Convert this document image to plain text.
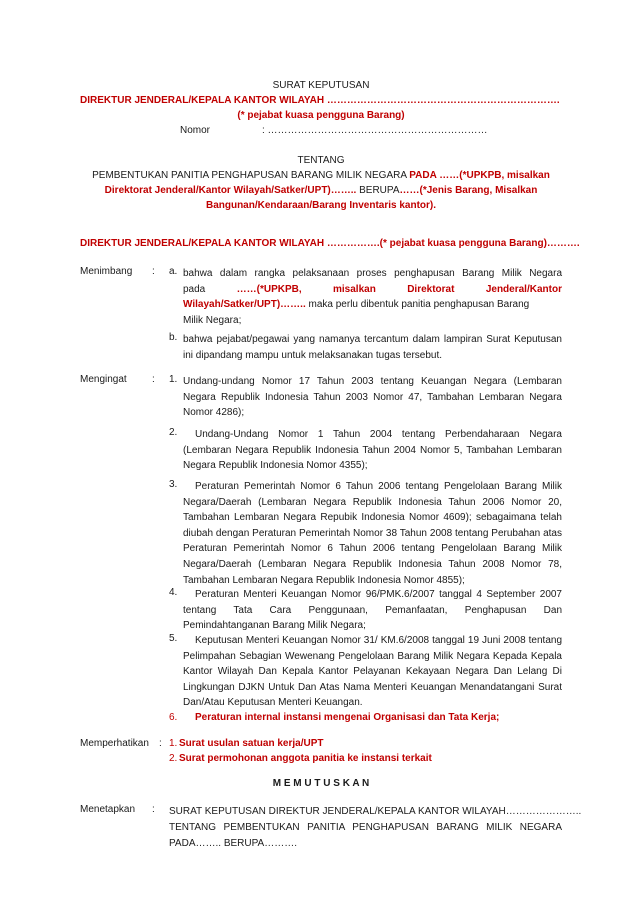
SURAT KEPUTUSAN
DIREKTUR JENDERAL/KEPALA KANTOR WILAYAH …………………………………………………………….
(* pejabat kuasa pengguna Barang)
Nomor	: …………………………………………………………
TENTANG
PEMBENTUKAN PANITIA PENGHAPUSAN BARANG MILIK NEGARA PADA ……(*UPKPB, misalkan
Direktorat Jenderal/Kantor Wilayah/Satker/UPT)…….. BERUPA……(*Jenis Barang, Misalkan
Bangunan/Kendaraan/Barang Inventaris kantor).
DIREKTUR JENDERAL/KEPALA KANTOR WILAYAH …………….(* pejabat kuasa pengguna Barang)……….
Menimbang : a. bahwa dalam rangka pelaksanaan proses penghapusan Barang Milik Negara
pada	……(*UPKPB,	misalkan	Direktorat	Jenderal/Kantor
Wilayah/Satker/UPT)…….. maka perlu dibentuk panitia penghapusan Barang
Milik Negara;
b. bahwa pejabat/pegawai yang namanya tercantum dalam lampiran Surat Keputusan ini dipandang mampu untuk melaksanakan tugas tersebut.
Mengingat	: 1. Undang-undang Nomor 17 Tahun 2003 tentang Keuangan Negara (Lembaran Negara Republik Indonesia Tahun 2003 Nomor 47, Tambahan Lembaran Negara Nomor 4286);
2.	Undang-Undang Nomor 1 Tahun 2004 tentang Perbendaharaan Negara (Lembaran Negara Republik Indonesia Tahun 2004 Nomor 5, Tambahan Lembaran Negara Republik Indonesia Nomor 4355);
3.	Peraturan Pemerintah Nomor 6 Tahun 2006 tentang Pengelolaan Barang Milik Negara/Daerah (Lembaran Negara Republik Indonesia Tahun 2006 Nomor 20, Tambahan Lembaran Negara Repubik Indonesia Nomor 4609); sebagaimana telah diubah dengan Peraturan Pemerintah Nomor 38 Tahun 2008 tentang Perubahan atas Peraturan Pemerintah Nomor 6 Tahun 2006 tentang Pengelolaan Barang Milik Negara/Daerah (Lembaran Negara Republik Indonesia Tahun 2008 Nomor 78, Tambahan Lembaran Negara Republik Indonesia Nomor 4855);
4.	Peraturan Menteri Keuangan Nomor 96/PMK.6/2007 tanggal 4 September 2007 tentang Tata Cara Penggunaan, Pemanfaatan, Penghapusan Dan Pemindahtanganan Barang Milik Negara;
5.	Keputusan Menteri Keuangan Nomor 31/ KM.6/2008 tanggal 19 Juni 2008 tentang Pelimpahan Sebagian Wewenang Pengelolaan Barang Milik Negara Kepada Kepala Kantor Wilayah Dan Kepala Kantor Pelayanan Kekayaan Negara Dan Lelang Di Lingkungan DJKN Untuk Dan Atas Nama Menteri Keuangan Menandatangani Surat Dan/Atau Keputusan Menteri Keuangan.
6.	Peraturan internal instansi mengenai Organisasi dan Tata Kerja;
Memperhatikan : 1. Surat usulan satuan kerja/UPT
2. Surat permohonan anggota panitia ke instansi terkait
M E M U T U S K A N
Menetapkan : SURAT KEPUTUSAN DIREKTUR JENDERAL/KEPALA KANTOR WILAYAH…………………..
TENTANG PEMBENTUKAN PANITIA PENGHAPUSAN BARANG MILIK NEGARA
PADA…….. BERUPA……….
